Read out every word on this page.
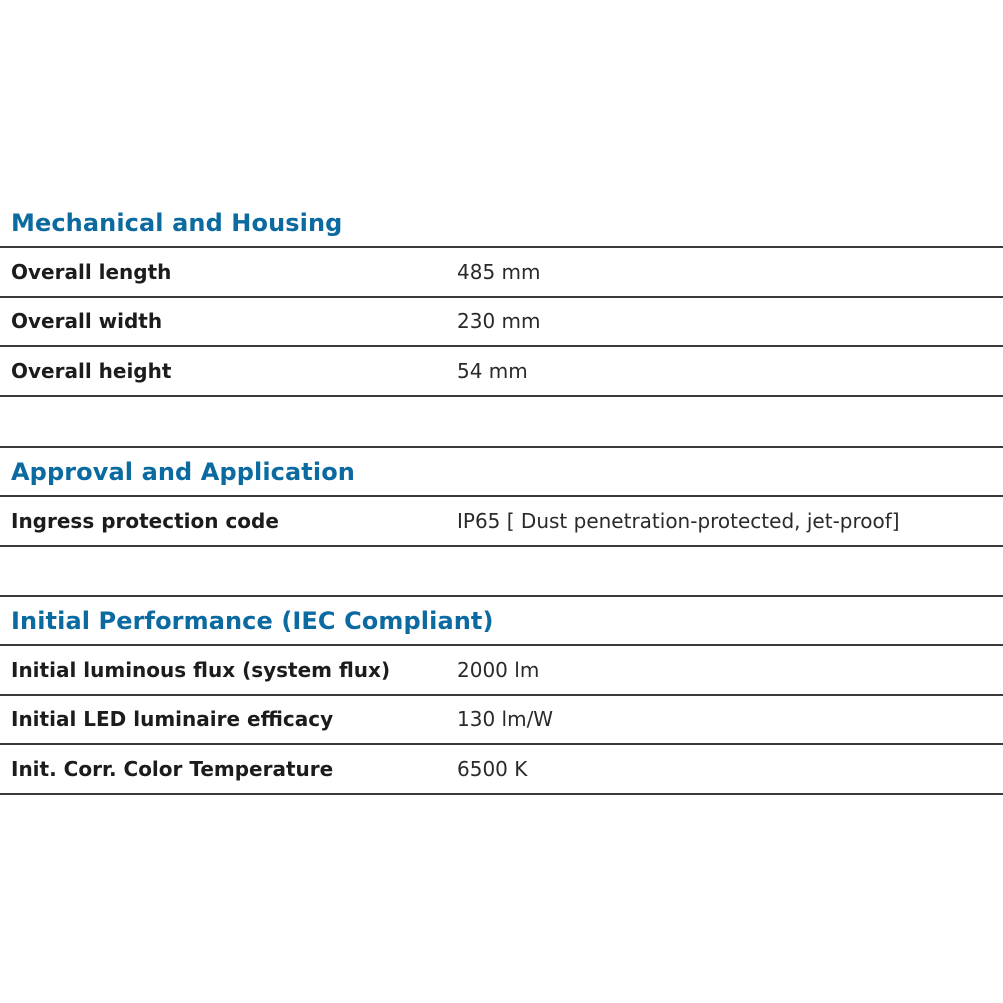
Mechanical and Housing
Overall length	485 mm
Overall width	230 mm
Overall height	54 mm
Approval and Application
Ingress protection code	IP65 [ Dust penetration-protected, jet-proof]
Initial Performance (IEC Compliant)
Initial luminous flux (system flux)	2000 lm
Initial LED luminaire efficacy	130 lm/W
Init. Corr. Color Temperature	6500 K
